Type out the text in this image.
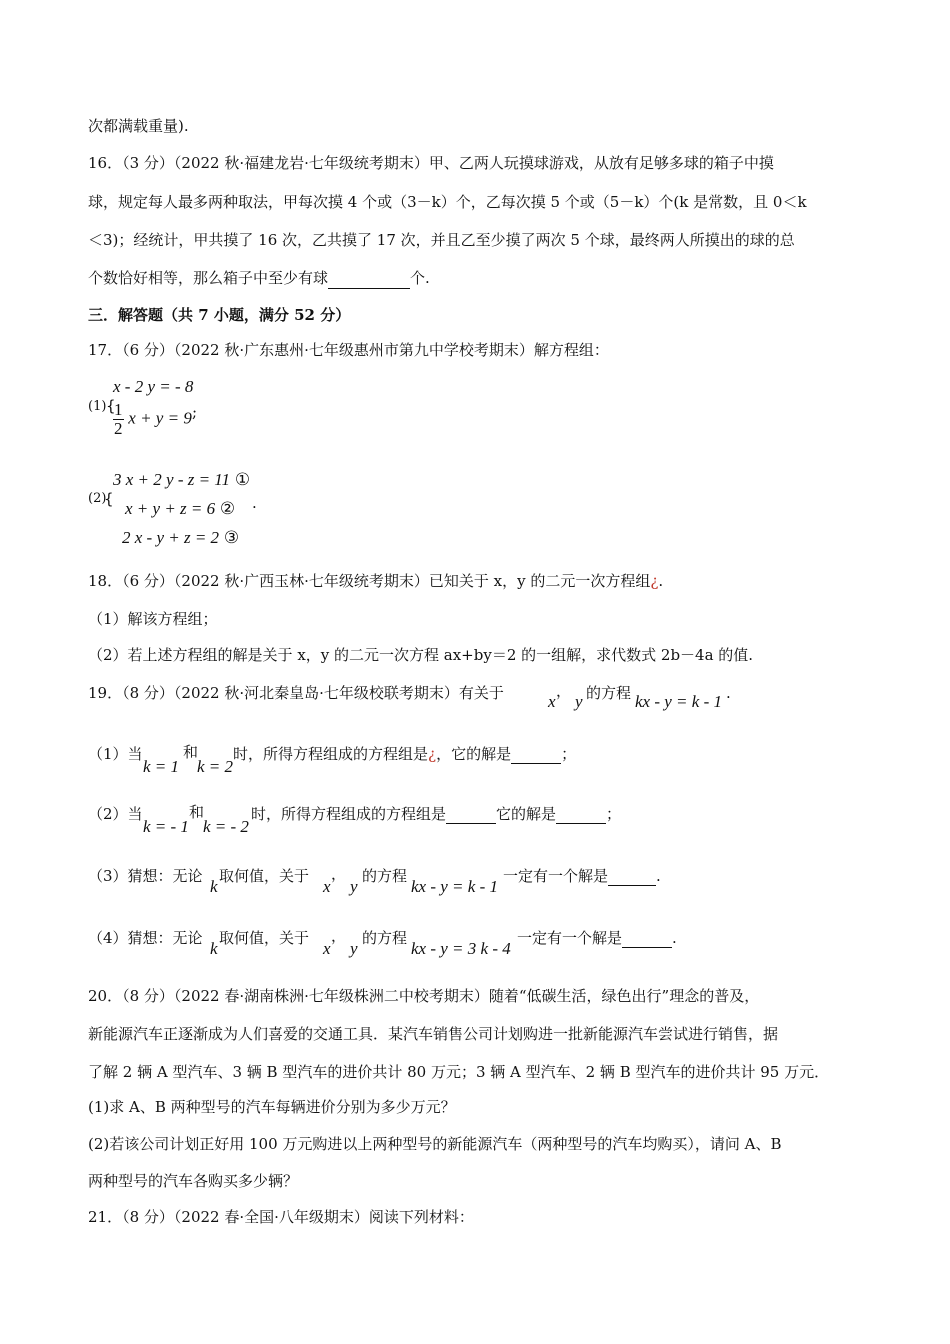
次都满载重量).
16．（3 分）（2022 秋·福建龙岩·七年级统考期末）甲、乙两人玩摸球游戏，从放有足够多球的箱子中摸
球，规定每人最多两种取法，甲每次摸 4 个或（3－k）个，乙每次摸 5 个或（5－k）个(k 是常数，且 0＜k
＜3)；经统计，甲共摸了 16 次，乙共摸了 17 次，并且乙至少摸了两次 5 个球，最终两人所摸出的球的总
个数恰好相等，那么箱子中至少有球	个.
三．解答题（共 7 小题，满分 52 分）
17．（6 分）（2022 秋·广东惠州·七年级惠州市第九中学校考期末）解方程组：
(1) {
x - 2 y = - 8
$\frac{1}{2}$ x + y = 9 ;
(2)
{
3 x + 2 y - z = 11 ①
x + y + z = 6 ②
2 x - y + z = 2 ③
.
18．（6 分）（2022 秋·广西玉林·七年级统考期末）已知关于 x，y 的二元一次方程组¿.
（1）解该方程组；
（2）若上述方程组的解是关于 x，y 的二元一次方程 ax+by＝2 的一组解，求代数式 2b－4a 的值.
19．（8 分）（2022 秋·河北秦皇岛·七年级校联考期末）有关于	x
，
y 的方程 kx - y = k - 1 .
（1）当
k = 1
和
k = 2
时，所得方程组成的方程组是¿，它的解是	；
（2）当
k = - 1
和
k = - 2
时，所得方程组成的方程组是	它的解是	；
（3）猜想：无论
k
取何值，关于
x
，
y
的方程
kx - y = k - 1
一定有一个解是	.
（4）猜想：无论
k
取何值，关于
x
，
y
的方程
kx - y = 3 k - 4
一定有一个解是	.
20．（8 分）（2022 春·湖南株洲·七年级株洲二中校考期末）随着“低碳生活，绿色出行”理念的普及，
新能源汽车正逐渐成为人们喜爱的交通工具．某汽车销售公司计划购进一批新能源汽车尝试进行销售，据
了解 2 辆 A 型汽车、3 辆 B 型汽车的进价共计 80 万元；3 辆 A 型汽车、2 辆 B 型汽车的进价共计 95 万元．
(1)求 A、B 两种型号的汽车每辆进价分别为多少万元？
(2)若该公司计划正好用 100 万元购进以上两种型号的新能源汽车（两种型号的汽车均购买），请问 A、B
两种型号的汽车各购买多少辆？
21．（8 分）（2022 春·全国·八年级期末）阅读下列材料：
